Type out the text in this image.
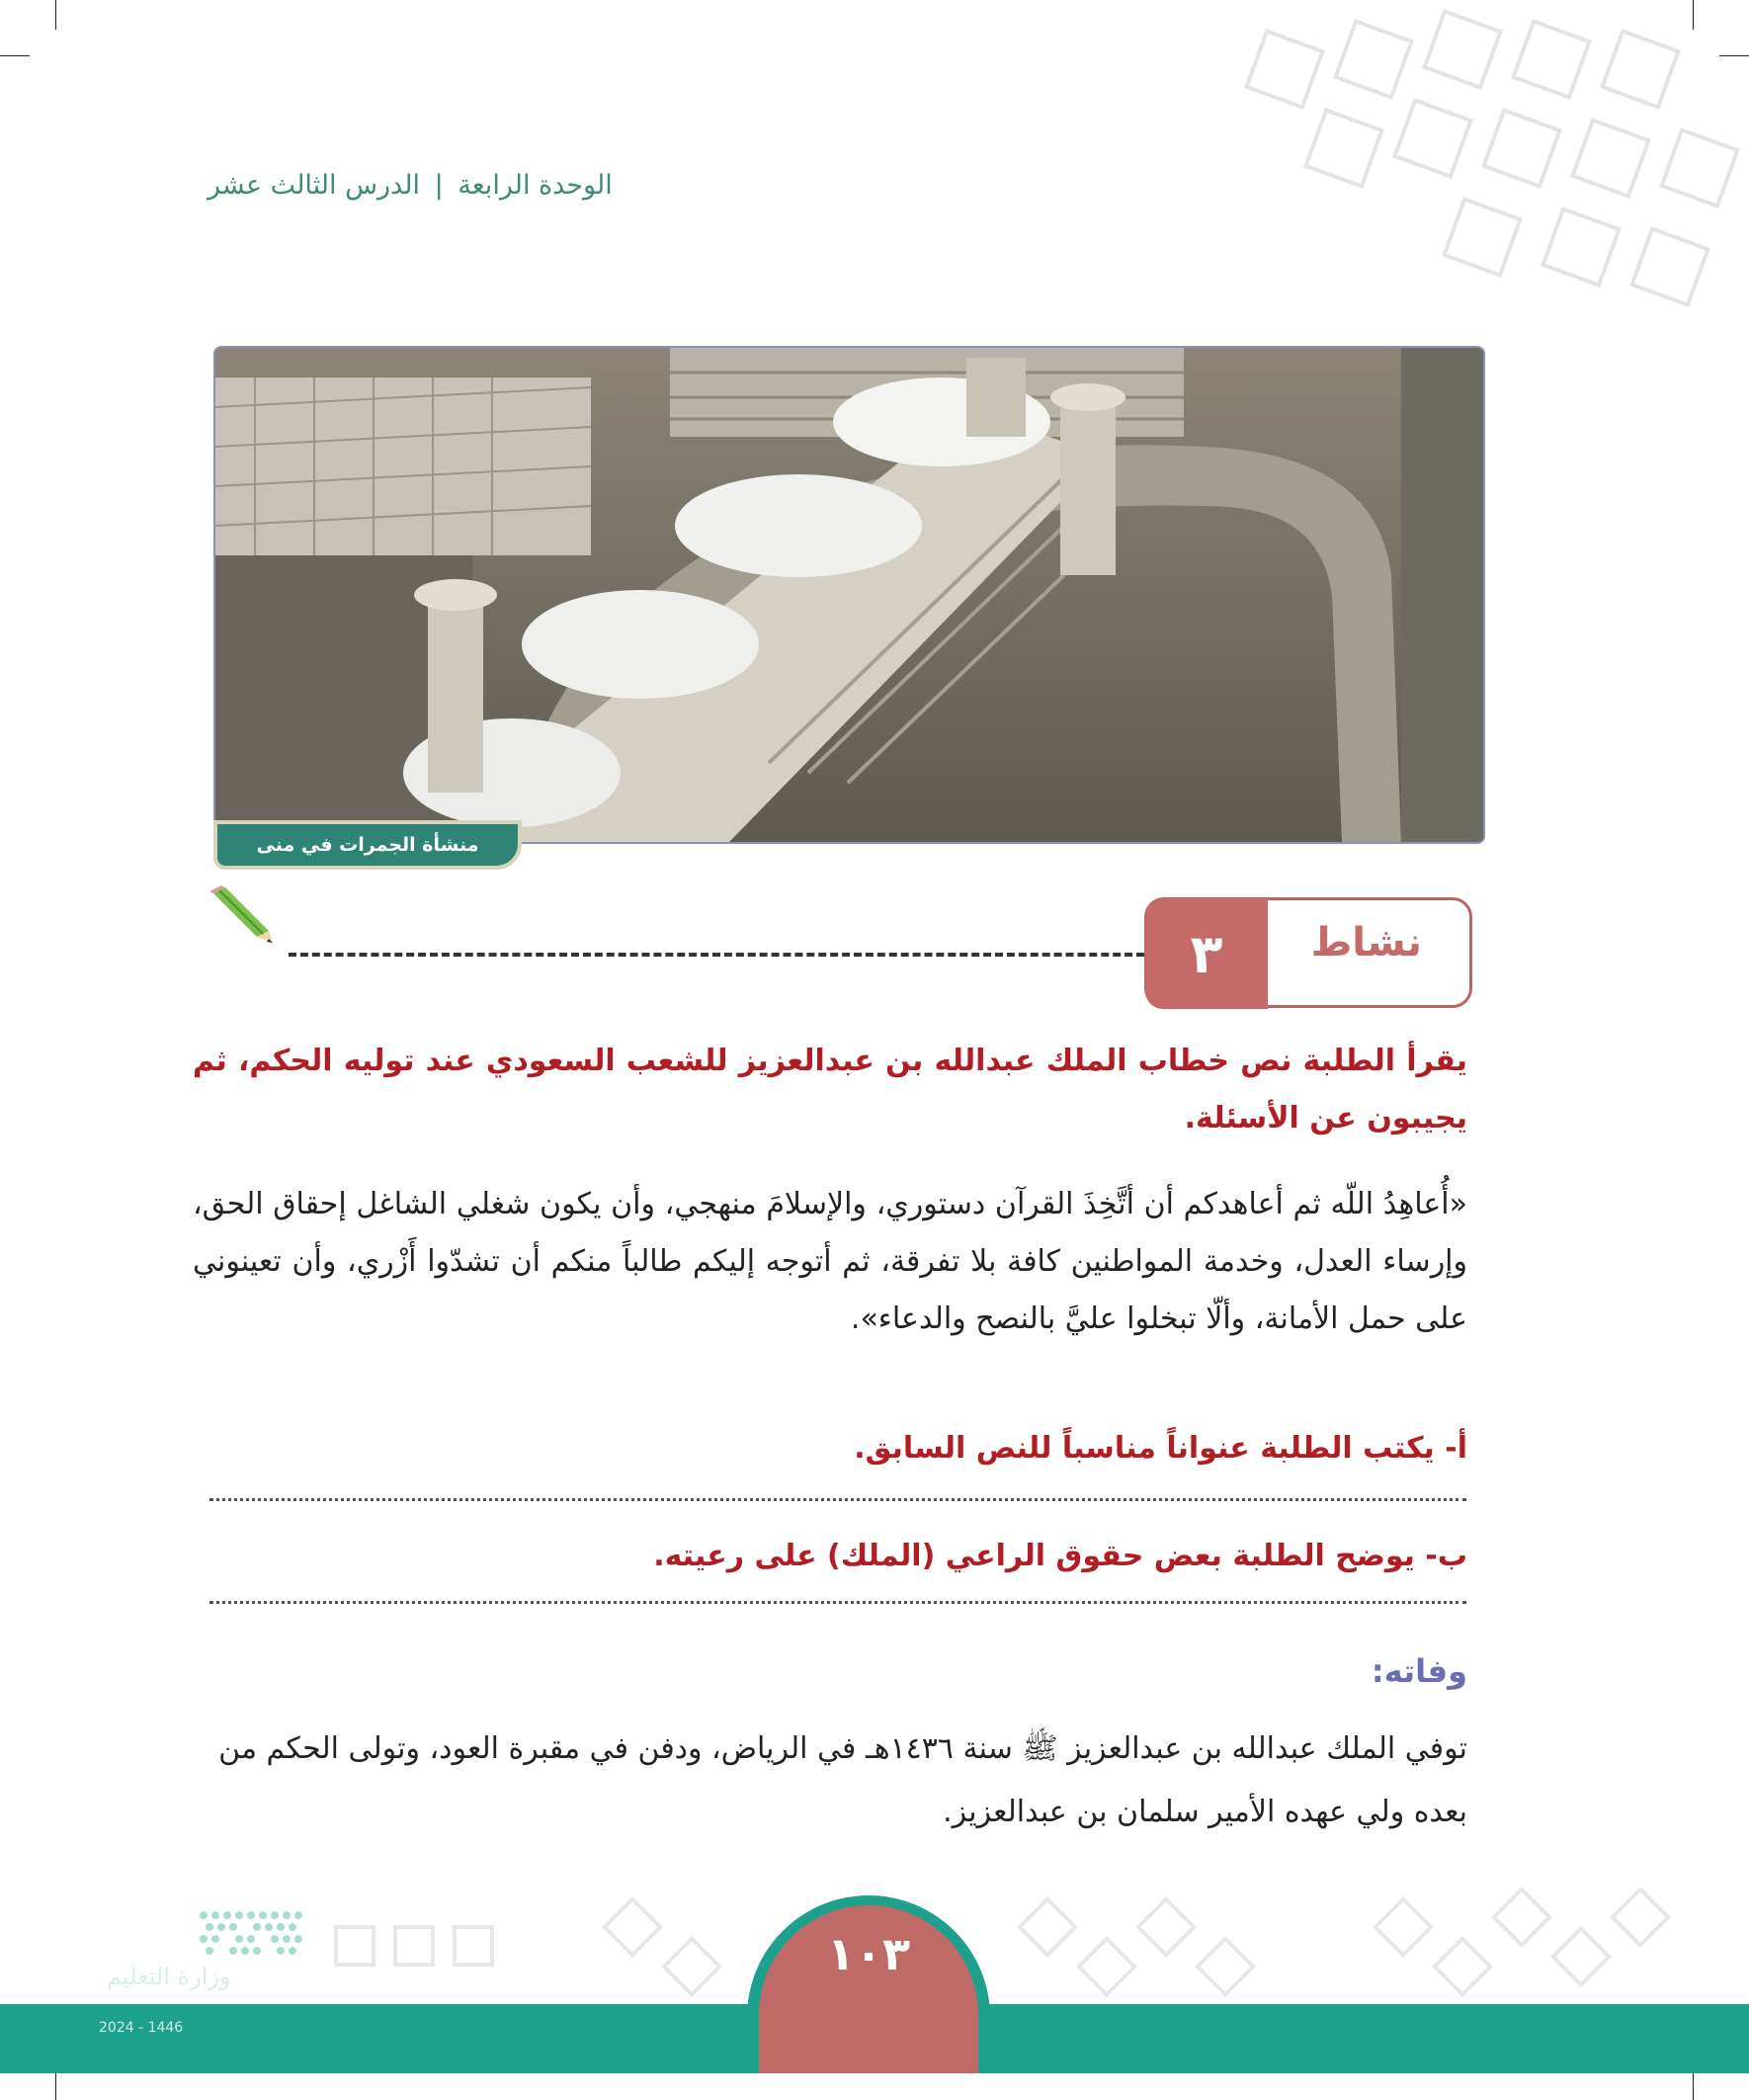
الوحدة الرابعة | الدرس الثالث عشر
منشأة الجمرات في منى
٣	نشاط
يقرأ الطلبة نص خطاب الملك عبدالله بن عبدالعزيز للشعب السعودي عند توليه الحكم، ثم يجيبون عن الأسئلة.
«أُعاهِدُ اللّه ثم أعاهدكم أن أتَّخِذَ القرآن دستوري، والإسلامَ منهجي، وأن يكون شغلي الشاغل إحقاق الحق، وإرساء العدل، وخدمة المواطنين كافة بلا تفرقة، ثم أتوجه إليكم طالباً منكم أن تشدّوا أَزْري، وأن تعينوني على حمل الأمانة، وألّا تبخلوا عليَّ بالنصح والدعاء».
أ- يكتب الطلبة عنواناً مناسباً للنص السابق.
ب- يوضح الطلبة بعض حقوق الراعي (الملك) على رعيته.
وفاته:
توفي الملك عبدالله بن عبدالعزيز ﷺ سنة ١٤٣٦هـ في الرياض، ودفن في مقبرة العود، وتولى الحكم من بعده ولي عهده الأمير سلمان بن عبدالعزيز.
١٠٣
وزارة التعليم
2024 - 1446
